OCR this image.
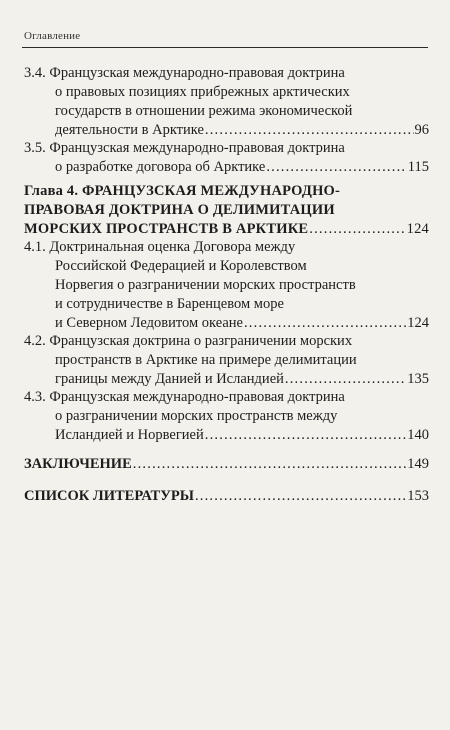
Оглавление
. . . . . . .
3.4. Французская международно-правовая доктрина
о правовых позициях прибрежных арктических
государств в отношении режима экономической
деятельности в Арктике .....	96
3.5. Французская международно-правовая доктрина
о разработке договора об Арктике .....	115
Глава 4. ФРАНЦУЗСКАЯ МЕЖДУНАРОДНО-
ПРАВОВАЯ ДОКТРИНА О ДЕЛИМИТАЦИИ
МОРСКИХ ПРОСТРАНСТВ В АРКТИКЕ .....	124
4.1. Доктринальная оценка Договора между
Российской Федерацией и Королевством
Норвегия о разграничении морских пространств
и сотрудничестве в Баренцевом море
и Северном Ледовитом океане .....	124
4.2. Французская доктрина о разграничении морских
пространств в Арктике на примере делимитации
границы между Данией и Исландией .....	135
4.3. Французская международно-правовая доктрина
о разграничении морских пространств между
Исландией и Норвегией .....	140
ЗАКЛЮЧЕНИЕ .....	149
СПИСОК ЛИТЕРАТУРЫ .....	153
